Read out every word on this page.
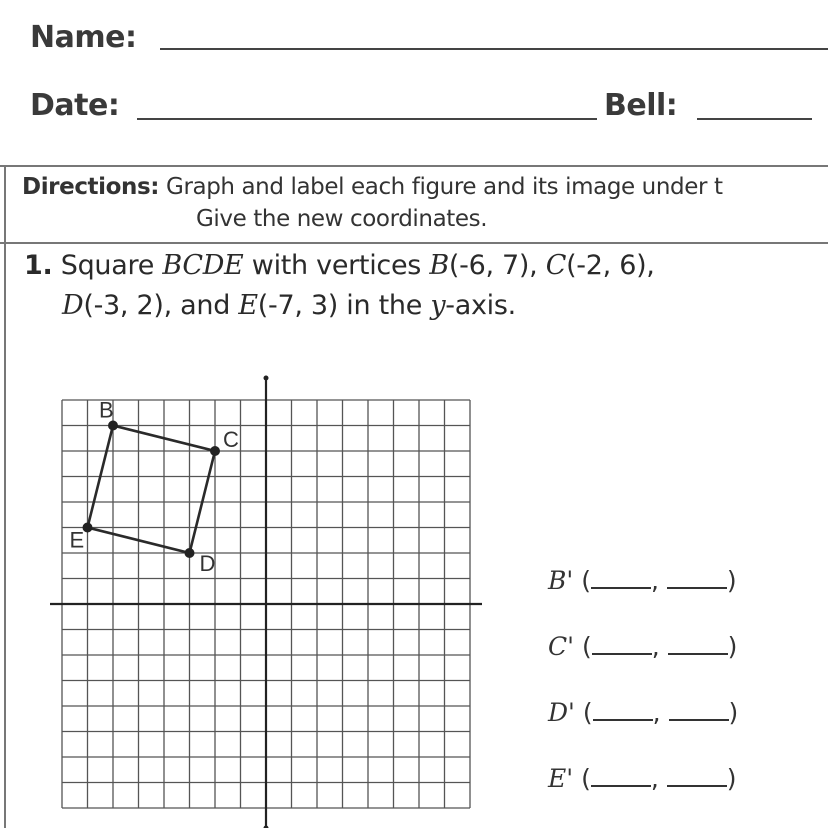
Name:
Date:	Bell:
Directions: Graph and label each figure and its image under t
Give the new coordinates.
1. Square BCDE with vertices B(-6, 7), C(-2, 6),
D(-3, 2), and E(-7, 3) in the y-axis.
B
C
D
E
B' ( , )
C' ( , )
D' ( , )
E' ( , )
